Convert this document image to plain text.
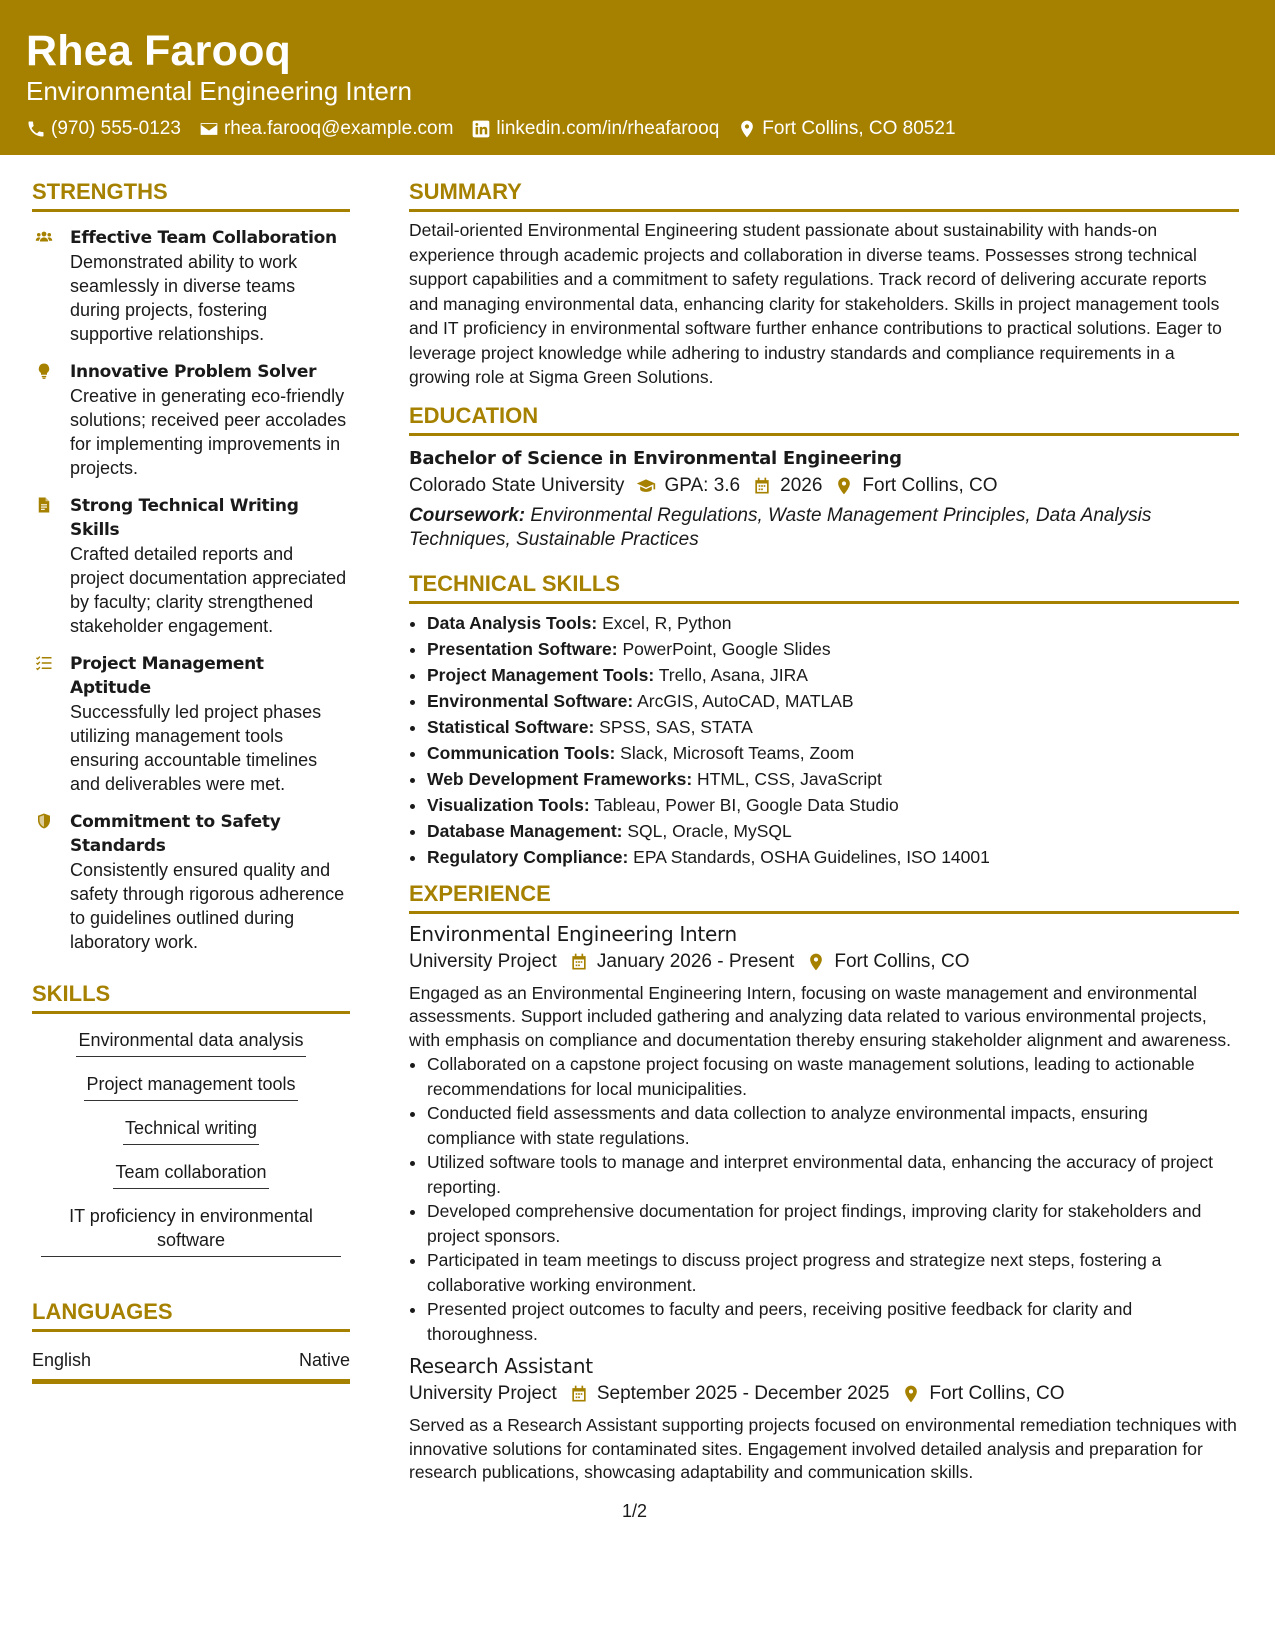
Rhea Farooq
Environmental Engineering Intern
(970) 555-0123 rhea.farooq@example.com linkedin.com/in/rheafarooq Fort Collins, CO 80521
STRENGTHS
Effective Team Collaboration
Demonstrated ability to work seamlessly in diverse teams during projects, fostering supportive relationships.
Innovative Problem Solver
Creative in generating eco-friendly solutions; received peer accolades for implementing improvements in projects.
Strong Technical Writing Skills
Crafted detailed reports and project documentation appreciated by faculty; clarity strengthened stakeholder engagement.
Project Management Aptitude
Successfully led project phases utilizing management tools ensuring accountable timelines and deliverables were met.
Commitment to Safety Standards
Consistently ensured quality and safety through rigorous adherence to guidelines outlined during laboratory work.
SKILLS
Environmental data analysis
Project management tools
Technical writing
Team collaboration
IT proficiency in environmental software
LANGUAGES
English	Native
SUMMARY
Detail-oriented Environmental Engineering student passionate about sustainability with hands-on experience through academic projects and collaboration in diverse teams. Possesses strong technical support capabilities and a commitment to safety regulations. Track record of delivering accurate reports and managing environmental data, enhancing clarity for stakeholders. Skills in project management tools and IT proficiency in environmental software further enhance contributions to practical solutions. Eager to leverage project knowledge while adhering to industry standards and compliance requirements in a growing role at Sigma Green Solutions.
EDUCATION
Bachelor of Science in Environmental Engineering
Colorado State University GPA: 3.6 2026 Fort Collins, CO
Coursework: Environmental Regulations, Waste Management Principles, Data Analysis Techniques, Sustainable Practices
TECHNICAL SKILLS
• Data Analysis Tools: Excel, R, Python
• Presentation Software: PowerPoint, Google Slides
• Project Management Tools: Trello, Asana, JIRA
• Environmental Software: ArcGIS, AutoCAD, MATLAB
• Statistical Software: SPSS, SAS, STATA
• Communication Tools: Slack, Microsoft Teams, Zoom
• Web Development Frameworks: HTML, CSS, JavaScript
• Visualization Tools: Tableau, Power BI, Google Data Studio
• Database Management: SQL, Oracle, MySQL
• Regulatory Compliance: EPA Standards, OSHA Guidelines, ISO 14001
EXPERIENCE
Environmental Engineering Intern
University Project January 2026 - Present Fort Collins, CO
Engaged as an Environmental Engineering Intern, focusing on waste management and environmental assessments. Support included gathering and analyzing data related to various environmental projects, with emphasis on compliance and documentation thereby ensuring stakeholder alignment and awareness.
• Collaborated on a capstone project focusing on waste management solutions, leading to actionable recommendations for local municipalities.
• Conducted field assessments and data collection to analyze environmental impacts, ensuring compliance with state regulations.
• Utilized software tools to manage and interpret environmental data, enhancing the accuracy of project reporting.
• Developed comprehensive documentation for project findings, improving clarity for stakeholders and project sponsors.
• Participated in team meetings to discuss project progress and strategize next steps, fostering a collaborative working environment.
• Presented project outcomes to faculty and peers, receiving positive feedback for clarity and thoroughness.
Research Assistant
University Project September 2025 - December 2025 Fort Collins, CO
Served as a Research Assistant supporting projects focused on environmental remediation techniques with innovative solutions for contaminated sites. Engagement involved detailed analysis and preparation for research publications, showcasing adaptability and communication skills.
1/2
